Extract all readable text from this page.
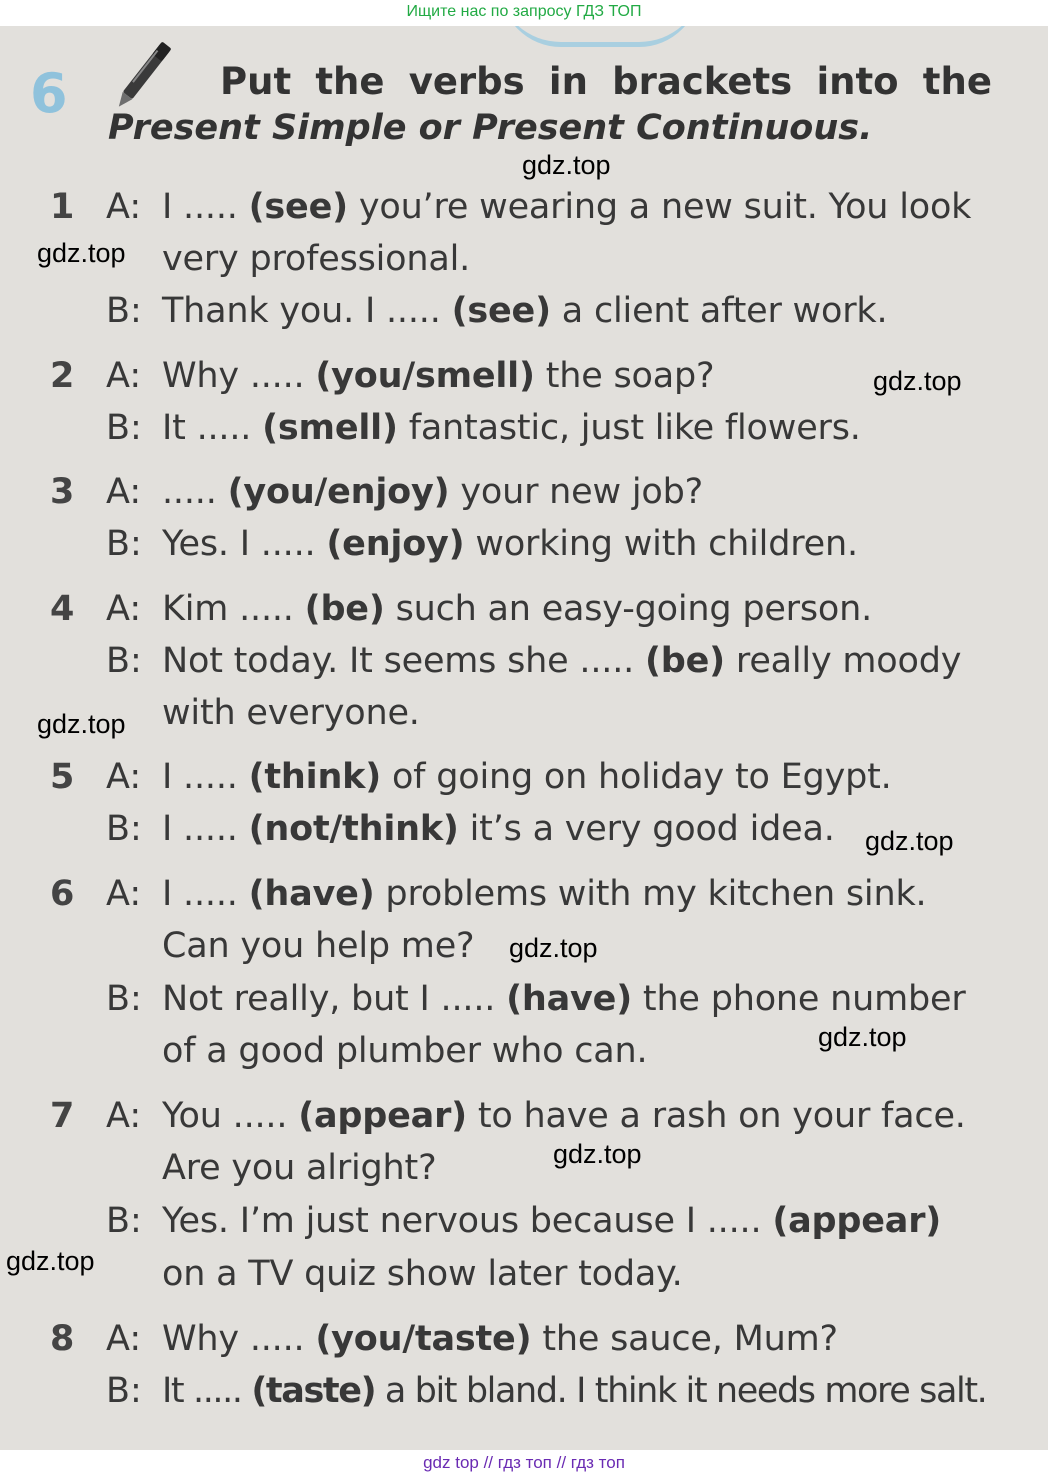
Ищите нас по запросу ГДЗ ТОП
6	Put the verbs in brackets into the
Present Simple or Present Continuous.
1 A: I ..... (see) you’re wearing a new suit. You look
very professional.
B: Thank you. I ..... (see) a client after work.
2 A: Why ..... (you/smell) the soap?
B: It ..... (smell) fantastic, just like flowers.
3 A: ..... (you/enjoy) your new job?
B: Yes. I ..... (enjoy) working with children.
4 A: Kim ..... (be) such an easy-going person.
B: Not today. It seems she ..... (be) really moody
with everyone.
5 A: I ..... (think) of going on holiday to Egypt.
B: I ..... (not/think) it’s a very good idea.
6 A: I ..... (have) problems with my kitchen sink.
Can you help me?
B: Not really, but I ..... (have) the phone number
of a good plumber who can.
7 A: You ..... (appear) to have a rash on your face.
Are you alright?
B: Yes. I’m just nervous because I ..... (appear)
on a TV quiz show later today.
8 A: Why ..... (you/taste) the sauce, Mum?
B: It ..... (taste) a bit bland. I think it needs more salt.
gdz.top
gdz.top
gdz.top
gdz.top
gdz.top
gdz.top
gdz.top
gdz.top
gdz.top
gdz top // гдз топ // гдз топ
